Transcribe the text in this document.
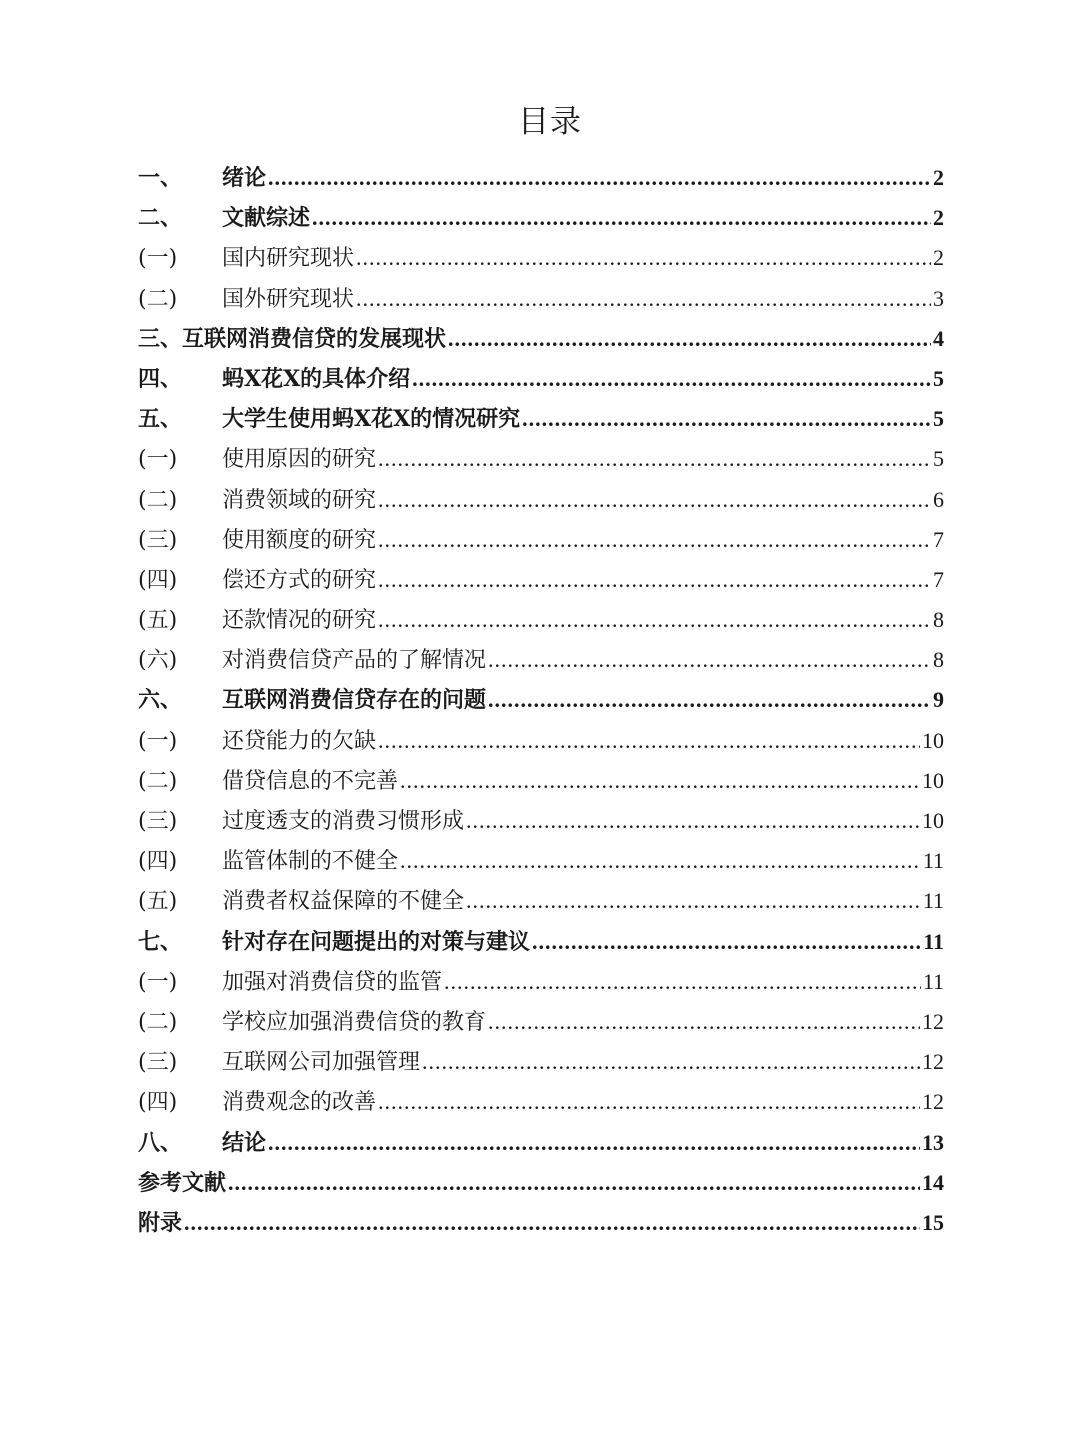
目录
一、	绪论 .....	2
二、	文献综述 .....	2
(一)	国内研究现状 .....	2
(二)	国外研究现状 .....	3
三、互联网消费信贷的发展现状 .....	4
四、	蚂X花X的具体介绍 .....	5
五、	大学生使用蚂X花X的情况研究 .....	5
(一)	使用原因的研究 .....	5
(二)	消费领域的研究 .....	6
(三)	使用额度的研究 .....	7
(四)	偿还方式的研究 .....	7
(五)	还款情况的研究 .....	8
(六)	对消费信贷产品的了解情况 .....	8
六、	互联网消费信贷存在的问题 .....	9
(一)	还贷能力的欠缺 .....	10
(二)	借贷信息的不完善 .....	10
(三)	过度透支的消费习惯形成 .....	10
(四)	监管体制的不健全 .....	11
(五)	消费者权益保障的不健全 .....	11
七、	针对存在问题提出的对策与建议 .....	11
(一)	加强对消费信贷的监管 .....	11
(二)	学校应加强消费信贷的教育 .....	12
(三)	互联网公司加强管理 .....	12
(四)	消费观念的改善 .....	12
八、	结论 .....	13
参考文献 .....	14
附录 .....	15
